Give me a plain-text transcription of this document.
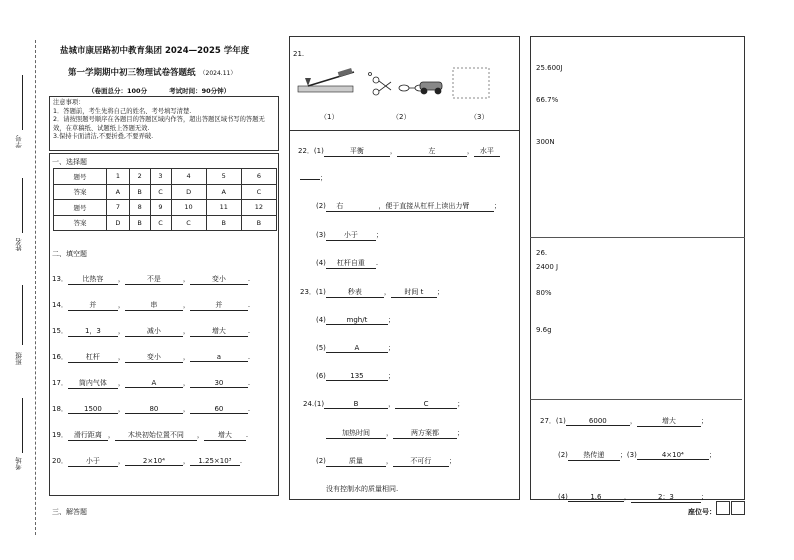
学号
姓名
班级
考场
盐城市康居路初中教育集团 2024—2025 学年度
第一学期期中初三物理试卷答题纸 （2024.11）
（卷面总分：100分	考试时间：90分钟）
注意事项：
1．答题前，考生先将自己的姓名、考号填写清楚.
2．请按照题号顺序在各题目的答题区域内作答，超出答题区域书写的答题无效，在草稿纸、试题纸上答题无效.
3.保持卡面清洁,不要折叠,不要弄破.
一、选择题
题号	1	2	3	4	5	6
答案	A	B	C	D	A	C
题号	7	8	9	10	11	12
答案	D	B	C	C	B	B
二、填空题
13． 比热容 ，	不是	，	变小	.
14．	并	，	串	，	并	.
15． 1，3 ，	减小	，	增大	.
16．	杠杆	，	变小	，	a	.
17． 筒内气体 ，	A	，	30	.
18． 1500 ，	80	，	60	.
19． 滑行距离 ， 木块初始位置不同 ， 增大 .
20．	小于	，	2×10⁴	， 1.25×10³ .
三、解答题
21.
（1）	（2）	（3）
22．(1)	平衡	，	左	， 水平
；
(2) 右	，便于直接从杠杆上读出力臂	；
(3)	小于	；
(4) 杠杆自重 .
23．(1)	秒表	， 时间 t ；
(4)	mgh/t	；
(5)	A	；
(6)	135	；
24.(1)	B	，	C	；
加热时间 ，	两方案都	；
(2)	质量	，	不可行	；
没有控制水的质量相同.
25.600J
66.7%
300N
26.
2400 J
80%
9.6g
27．(1)	6000	，	增大	；
(2) 热传递 ；(3)	4×10⁴	；
(4)	1.6	，	2：3	；
座位号：
